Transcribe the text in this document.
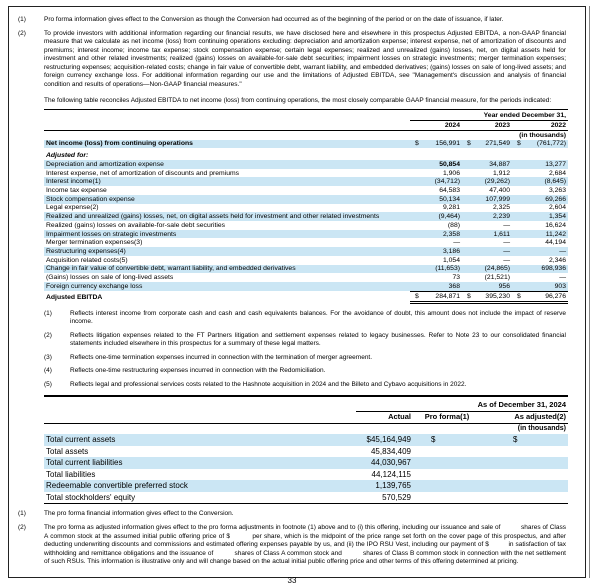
(1)	Pro forma information gives effect to the Conversion as though the Conversion had occurred as of the beginning of the period or on the date of issuance, if later.
(2)	To provide investors with additional information regarding our financial results, we have disclosed here and elsewhere in this prospectus Adjusted EBITDA, a non-GAAP financial measure that we calculate as net income (loss) from continuing operations excluding: depreciation and amortization expense; interest expense, net of amortization of discounts and premiums; interest income; income tax expense; stock compensation expense; certain legal expenses; realized and unrealized (gains) losses, net, on digital assets held for investment and other related investments; realized (gains) losses on available-for-sale debt securities; impairment losses on strategic investments; merger termination expenses; restructuring expenses; acquisition-related costs; change in fair value of convertible debt, warrant liability, and embedded derivatives; (gains) losses on sale of long-lived assets; and foreign currency exchange loss. For additional information regarding our use and the limitations of Adjusted EBITDA, see "Management's discussion and analysis of financial condition and results of operations—Non-GAAP financial measures."

The following table reconciles Adjusted EBITDA to net income (loss) from continuing operations, the most closely comparable GAAP financial measure, for the periods indicated:

	Year ended December 31,		
	2024	2023	2022
	(in thousands)		
Net income (loss) from continuing operations	$ 156,991	$ 271,549	$ (761,772)

Adjusted for:			
Depreciation and amortization expense	50,854	34,887	13,277
Interest expense, net of amortization of discounts and premiums	1,906	1,912	2,684
Interest income(1)	(34,712)	(29,262)	(8,645)
Income tax expense	64,583	47,400	3,263
Stock compensation expense	50,134	107,999	69,266
Legal expense(2)	9,281	2,325	2,604
Realized and unrealized (gains) losses, net, on digital assets held for investment and other related investments	(9,464)	2,239	1,354
Realized (gains) losses on available-for-sale debt securities	(88)	—	16,624
Impairment losses on strategic investments	2,358	1,611	11,242
Merger termination expenses(3)	—	—	44,194
Restructuring expenses(4)	3,186	—	—
Acquisition related costs(5)	1,054	—	2,346
Change in fair value of convertible debt, warrant liability, and embedded derivatives	(11,653)	(24,865)	698,936
(Gains) losses on sale of long-lived assets	73	(21,521)	—
Foreign currency exchange loss	368	956	903
Adjusted EBITDA	$ 284,871	$ 395,230	$ 96,276
(1)	Reflects interest income from corporate cash and cash and cash equivalents balances. For the avoidance of doubt, this amount does not include the impact of reserve income.
(2)	Reflects litigation expenses related to the FT Partners litigation and settlement expenses related to legacy businesses. Refer to Note 23 to our consolidated financial statements included elsewhere in this prospectus for a summary of these legal matters.
(3)	Reflects one-time termination expenses incurred in connection with the termination of merger agreement.
(4)	Reflects one-time restructuring expenses incurred in connection with the Redomiciliation.
(5)	Reflects legal and professional services costs related to the Hashnote acquisition in 2024 and the Billeto and Cybavo acquisitions in 2022.
	As of December 31, 2024		
	Actual	Pro forma(1)	As adjusted(2)
	(in thousands)		
Total current assets	$45,164,949	$	$
Total assets	45,834,409		
Total current liabilities	44,030,967		
Total liabilities	44,124,115		
Redeemable convertible preferred stock	1,139,765		
Total stockholders' equity	570,529		
(1)	The pro forma financial information gives effect to the Conversion.
(2)	The pro forma as adjusted information gives effect to the pro forma adjustments in footnote (1) above and to (i) this offering, including our issuance and sale of           shares of Class A common stock at the assumed initial public offering price of $          per share, which is the midpoint of the price range set forth on the cover page of this prospectus, and after deducting underwriting discounts and commissions and estimated offering expenses payable by us, and (ii) the IPO RSU Vest, including our payment of $          in satisfaction of tax withholding and remittance obligations and the issuance of           shares of Class A common stock and           shares of Class B common stock in connection with the net settlement of such RSUs. This information is illustrative only and will change based on the actual initial public offering price and other terms of this offering determined at pricing.
33
